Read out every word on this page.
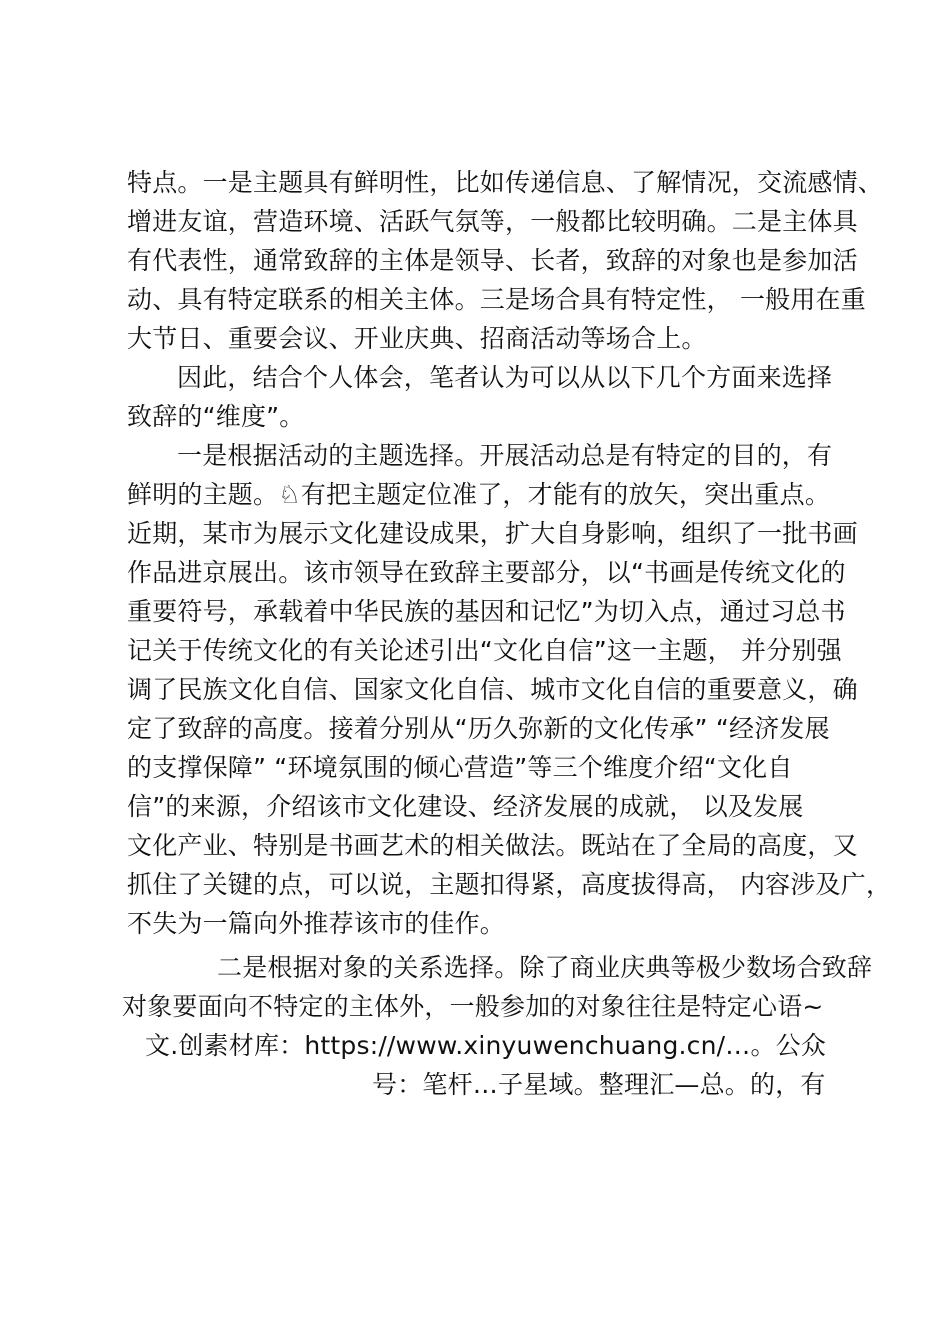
特点。一是主题具有鲜明性，比如传递信息、了解情况，交流感情、
增进友谊，营造环境、活跃气氛等，一般都比较明确。二是主体具
有代表性，通常致辞的主体是领导、长者，致辞的对象也是参加活
动、具有特定联系的相关主体。三是场合具有特定性， 一般用在重
大节日、重要会议、开业庆典、招商活动等场合上。
因此，结合个人体会，笔者认为可以从以下几个方面来选择
致辞的“维度”。
一是根据活动的主题选择。开展活动总是有特定的目的，有
鲜明的主题。♘有把主题定位准了，才能有的放矢，突出重点。
近期，某市为展示文化建设成果，扩大自身影响，组织了一批书画
作品进京展出。该市领导在致辞主要部分，以“书画是传统文化的
重要符号，承载着中华民族的基因和记忆”为切入点，通过习总书
记关于传统文化的有关论述引出“文化自信”这一主题， 并分别强
调了民族文化自信、国家文化自信、城市文化自信的重要意义，确
定了致辞的高度。接着分别从“历久弥新的文化传承” “经济发展
的支撑保障” “环境氛围的倾心营造”等三个维度介绍“文化自
信”的来源，介绍该市文化建设、经济发展的成就， 以及发展
文化产业、特别是书画艺术的相关做法。既站在了全局的高度，又
抓住了关键的点，可以说，主题扣得紧，高度拔得高， 内容涉及广，
不失为一篇向外推荐该市的佳作。
二是根据对象的关系选择。除了商业庆典等极少数场合致辞
对象要面向不特定的主体外，一般参加的对象往往是特定心语~
文.创素材库：https://www.xinyuwenchuang.cn/…。公众
号：笔杆…子星域。整理汇—总。的，有
